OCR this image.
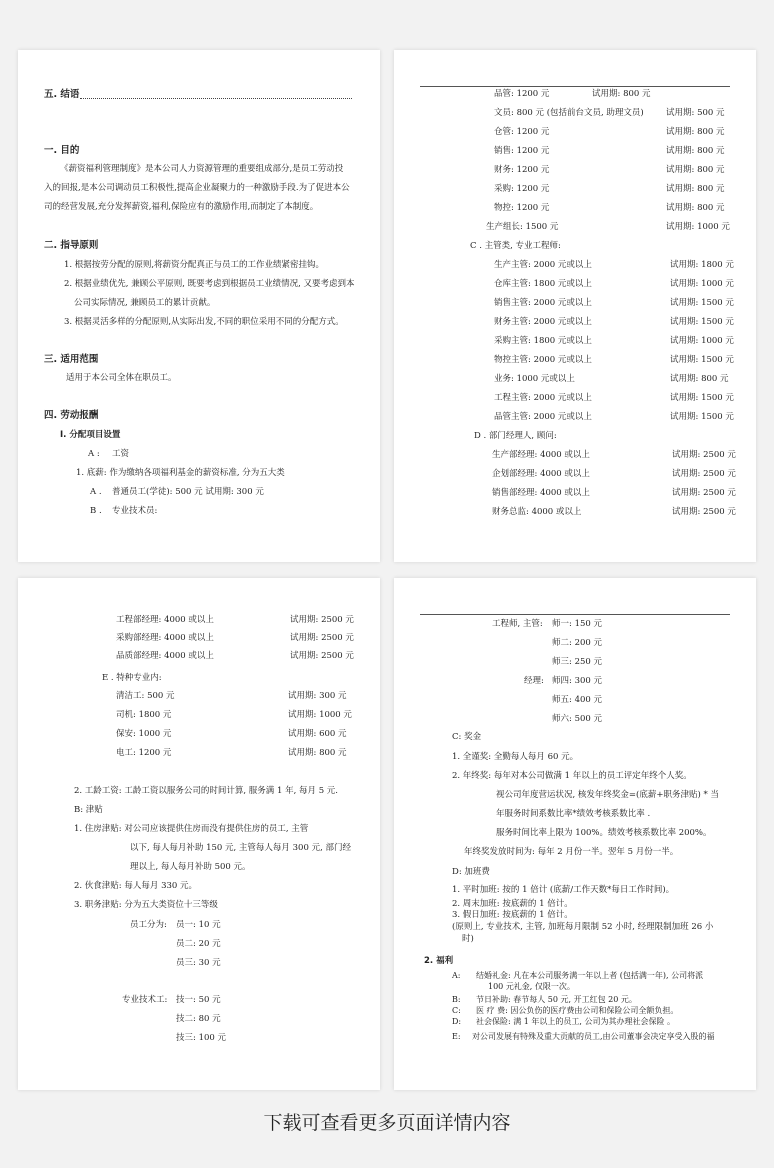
五. 结语
一. 目的
《薪资福利管理制度》是本公司人力资源管理的重要组成部分,是员工劳动投
入的回报,是本公司调动员工积极性,提高企业凝聚力的一种激励手段.为了促进本公
司的经营发展,充分发挥薪资,福利,保险应有的激励作用,而制定了本制度。
二. 指导原则
1. 根据按劳分配的原则,将薪资分配真正与员工的工作业绩紧密挂钩。
2. 根据业绩优先, 兼顾公平原则, 既要考虑到根据员工业绩情况, 又要考虑到本
公司实际情况, 兼顾员工的累计贡献。
3. 根据灵活多样的分配原则,从实际出发,不同的职位采用不同的分配方式。
三. 适用范围
适用于本公司全体在职员工。
四. 劳动报酬
I. 分配项目设置
A : 工资
1. 底薪: 作为缴纳各项福利基金的薪资标准, 分为五大类
A . 普通员工(学徒): 500 元 试用期: 300 元
B . 专业技术员:
品管: 1200 元	试用期: 800 元
文员: 800 元 (包括前台文员, 助理文员)	试用期: 500 元
仓管: 1200 元	试用期: 800 元
销售: 1200 元	试用期: 800 元
财务: 1200 元	试用期: 800 元
采购: 1200 元	试用期: 800 元
物控: 1200 元	试用期: 800 元
生产组长: 1500 元	试用期: 1000 元
C . 主管类, 专业工程师:
生产主管: 2000 元或以上	试用期: 1800 元
仓库主管: 1800 元或以上	试用期: 1000 元
销售主管: 2000 元或以上	试用期: 1500 元
财务主管: 2000 元或以上	试用期: 1500 元
采购主管: 1800 元或以上	试用期: 1000 元
物控主管: 2000 元或以上	试用期: 1500 元
业务: 1000 元或以上	试用期: 800 元
工程主管: 2000 元或以上	试用期: 1500 元
品管主管: 2000 元或以上	试用期: 1500 元
D . 部门经理人, 顾问:
生产部经理: 4000 或以上	试用期: 2500 元
企划部经理: 4000 或以上	试用期: 2500 元
销售部经理: 4000 或以上	试用期: 2500 元
财务总监: 4000 或以上	试用期: 2500 元
工程部经理: 4000 或以上	试用期: 2500 元
采购部经理: 4000 或以上	试用期: 2500 元
品质部经理: 4000 或以上	试用期: 2500 元
E . 特种专业内:
清洁工: 500 元	试用期: 300 元
司机: 1800 元	试用期: 1000 元
保安: 1000 元	试用期: 600 元
电工: 1200 元	试用期: 800 元
2. 工龄工资: 工龄工资以服务公司的时间计算, 服务满 1 年, 每月 5 元.
B: 津贴
1. 住房津贴: 对公司应该提供住房而没有提供住房的员工, 主管
以下, 每人每月补助 150 元, 主管每人每月 300 元, 部门经
理以上, 每人每月补助 500 元。
2. 伙食津贴: 每人每月 330 元。
3. 职务津贴: 分为五大类资位十三等级
员工分为: 员一: 10 元
员二: 20 元
员三: 30 元
专业技术工: 技一: 50 元
技二: 80 元
技三: 100 元
工程师, 主管: 师一: 150 元
师二: 200 元
师三: 250 元
经理: 师四: 300 元
师五: 400 元
师六: 500 元
C: 奖金
1. 全谨奖: 全勤每人每月 60 元。
2. 年终奖: 每年对本公司做满 1 年以上的员工评定年终个人奖。
视公司年度营运状况, 核发年终奖金=(底薪+职务津贴) * 当
年服务时间系数比率*绩效考核系数比率 .
服务时间比率上限为 100%。绩效考核系数比率 200%。
年终奖发放时间为: 每年 2 月份一半。翌年 5 月份一半。
D: 加班费
1. 平时加班: 按的 1 倍计 (底薪/工作天数*每日工作时间)。
2. 周末加班: 按底薪的 1 倍计。
3. 假日加班: 按底薪的 1 倍计。
(原则上, 专业技术, 主管, 加班每月限制 52 小时, 经理限制加班 26 小
时)
2. 福利
A: 结婚礼金: 凡在本公司服务满一年以上者 (包括满一年), 公司将派
100 元礼金, 仅限一次。
B: 节日补助: 春节每人 50 元, 开工红包 20 元。
C: 医 疗 费: 因公负伤的医疗费由公司和保险公司全额负担。
D: 社会保险: 满 1 年以上的员工, 公司为其办理社会保险 。
E: 对公司发展有特殊及重大贡献的员工,由公司董事会决定享受入股的福
下载可查看更多页面详情内容
